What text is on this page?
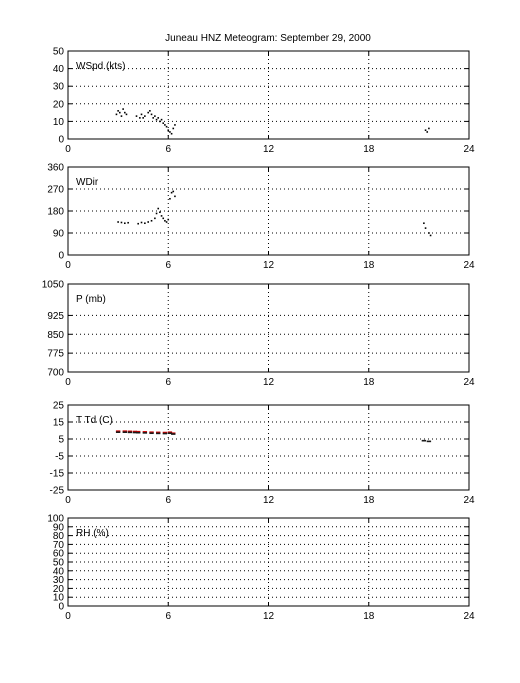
Juneau HNZ Meteogram: September 29, 2000
0	6	12	18	24
0
10
20
30
40
50
WSpd (kts)
0	6	12	18	24
0
90
180
270
360
WDir
0	6	12	18	24
700
775
850
925
1050
P (mb)
0	6	12	18	24
-25
-15
-5
5
15
25
T Td (C)
0	6	12	18	24
0
10
20
30
40
50
60
70
80
90
100
RH (%)
